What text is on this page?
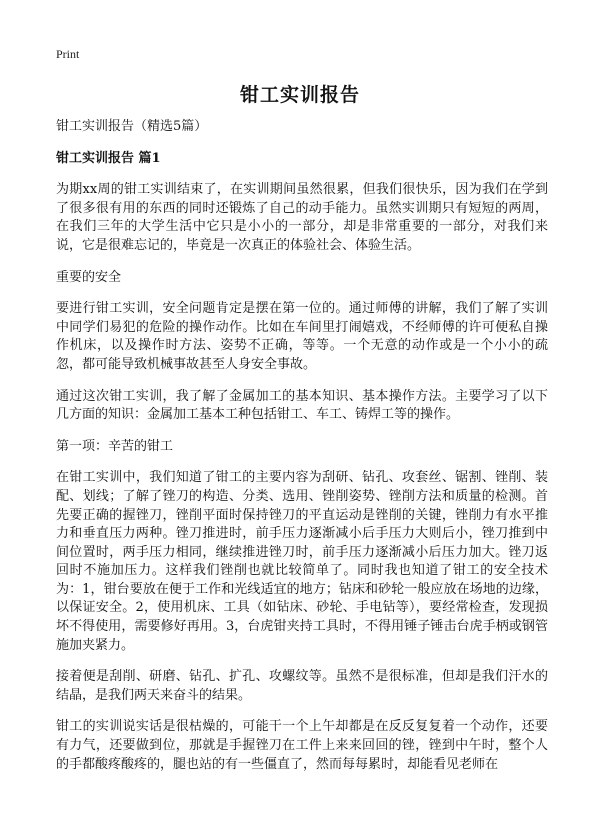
Print
钳工实训报告

钳工实训报告（精选5篇）

钳工实训报告 篇1

为期xx周的钳工实训结束了，在实训期间虽然很累，但我们很快乐，因为我们在学到了很多很有用的东西的同时还锻炼了自己的动手能力。虽然实训期只有短短的两周，在我们三年的大学生活中它只是小小的一部分，却是非常重要的一部分，对我们来说，它是很难忘记的，毕竟是一次真正的体验社会、体验生活。

重要的安全

要进行钳工实训，安全问题肯定是摆在第一位的。通过师傅的讲解，我们了解了实训中同学们易犯的危险的操作动作。比如在车间里打闹嬉戏，不经师傅的许可便私自操作机床，以及操作时方法、姿势不正确，等等。一个无意的动作或是一个小小的疏忽，都可能导致机械事故甚至人身安全事故。

通过这次钳工实训，我了解了金属加工的基本知识、基本操作方法。主要学习了以下几方面的知识：金属加工基本工种包括钳工、车工、铸焊工等的操作。

第一项：辛苦的钳工

在钳工实训中，我们知道了钳工的主要内容为刮研、钻孔、攻套丝、锯割、锉削、装配、划线；了解了锉刀的构造、分类、选用、锉削姿势、锉削方法和质量的检测。首先要正确的握锉刀，锉削平面时保持锉刀的平直运动是锉削的关键，锉削力有水平推力和垂直压力两种。锉刀推进时，前手压力逐渐减小后手压力大则后小，锉刀推到中间位置时，两手压力相同，继续推进锉刀时，前手压力逐渐减小后压力加大。锉刀返回时不施加压力。这样我们锉削也就比较简单了。同时我也知道了钳工的安全技术为：1，钳台要放在便于工作和光线适宜的地方；钻床和砂轮一般应放在场地的边缘，以保证安全。2，使用机床、工具（如钻床、砂轮、手电钻等），要经常检查，发现损坏不得使用，需要修好再用。3，台虎钳夹持工具时，不得用锤子锤击台虎手柄或钢管施加夹紧力。

接着便是刮削、研磨、钻孔、扩孔、攻螺纹等。虽然不是很标准，但却是我们汗水的结晶，是我们两天来奋斗的结果。

钳工的实训说实话是很枯燥的，可能干一个上午却都是在反反复复着一个动作，还要有力气，还要做到位，那就是手握锉刀在工件上来来回回的锉，锉到中午时，整个人的手都酸疼酸疼的，腿也站的有一些僵直了，然而每每累时，却能看见老师在
